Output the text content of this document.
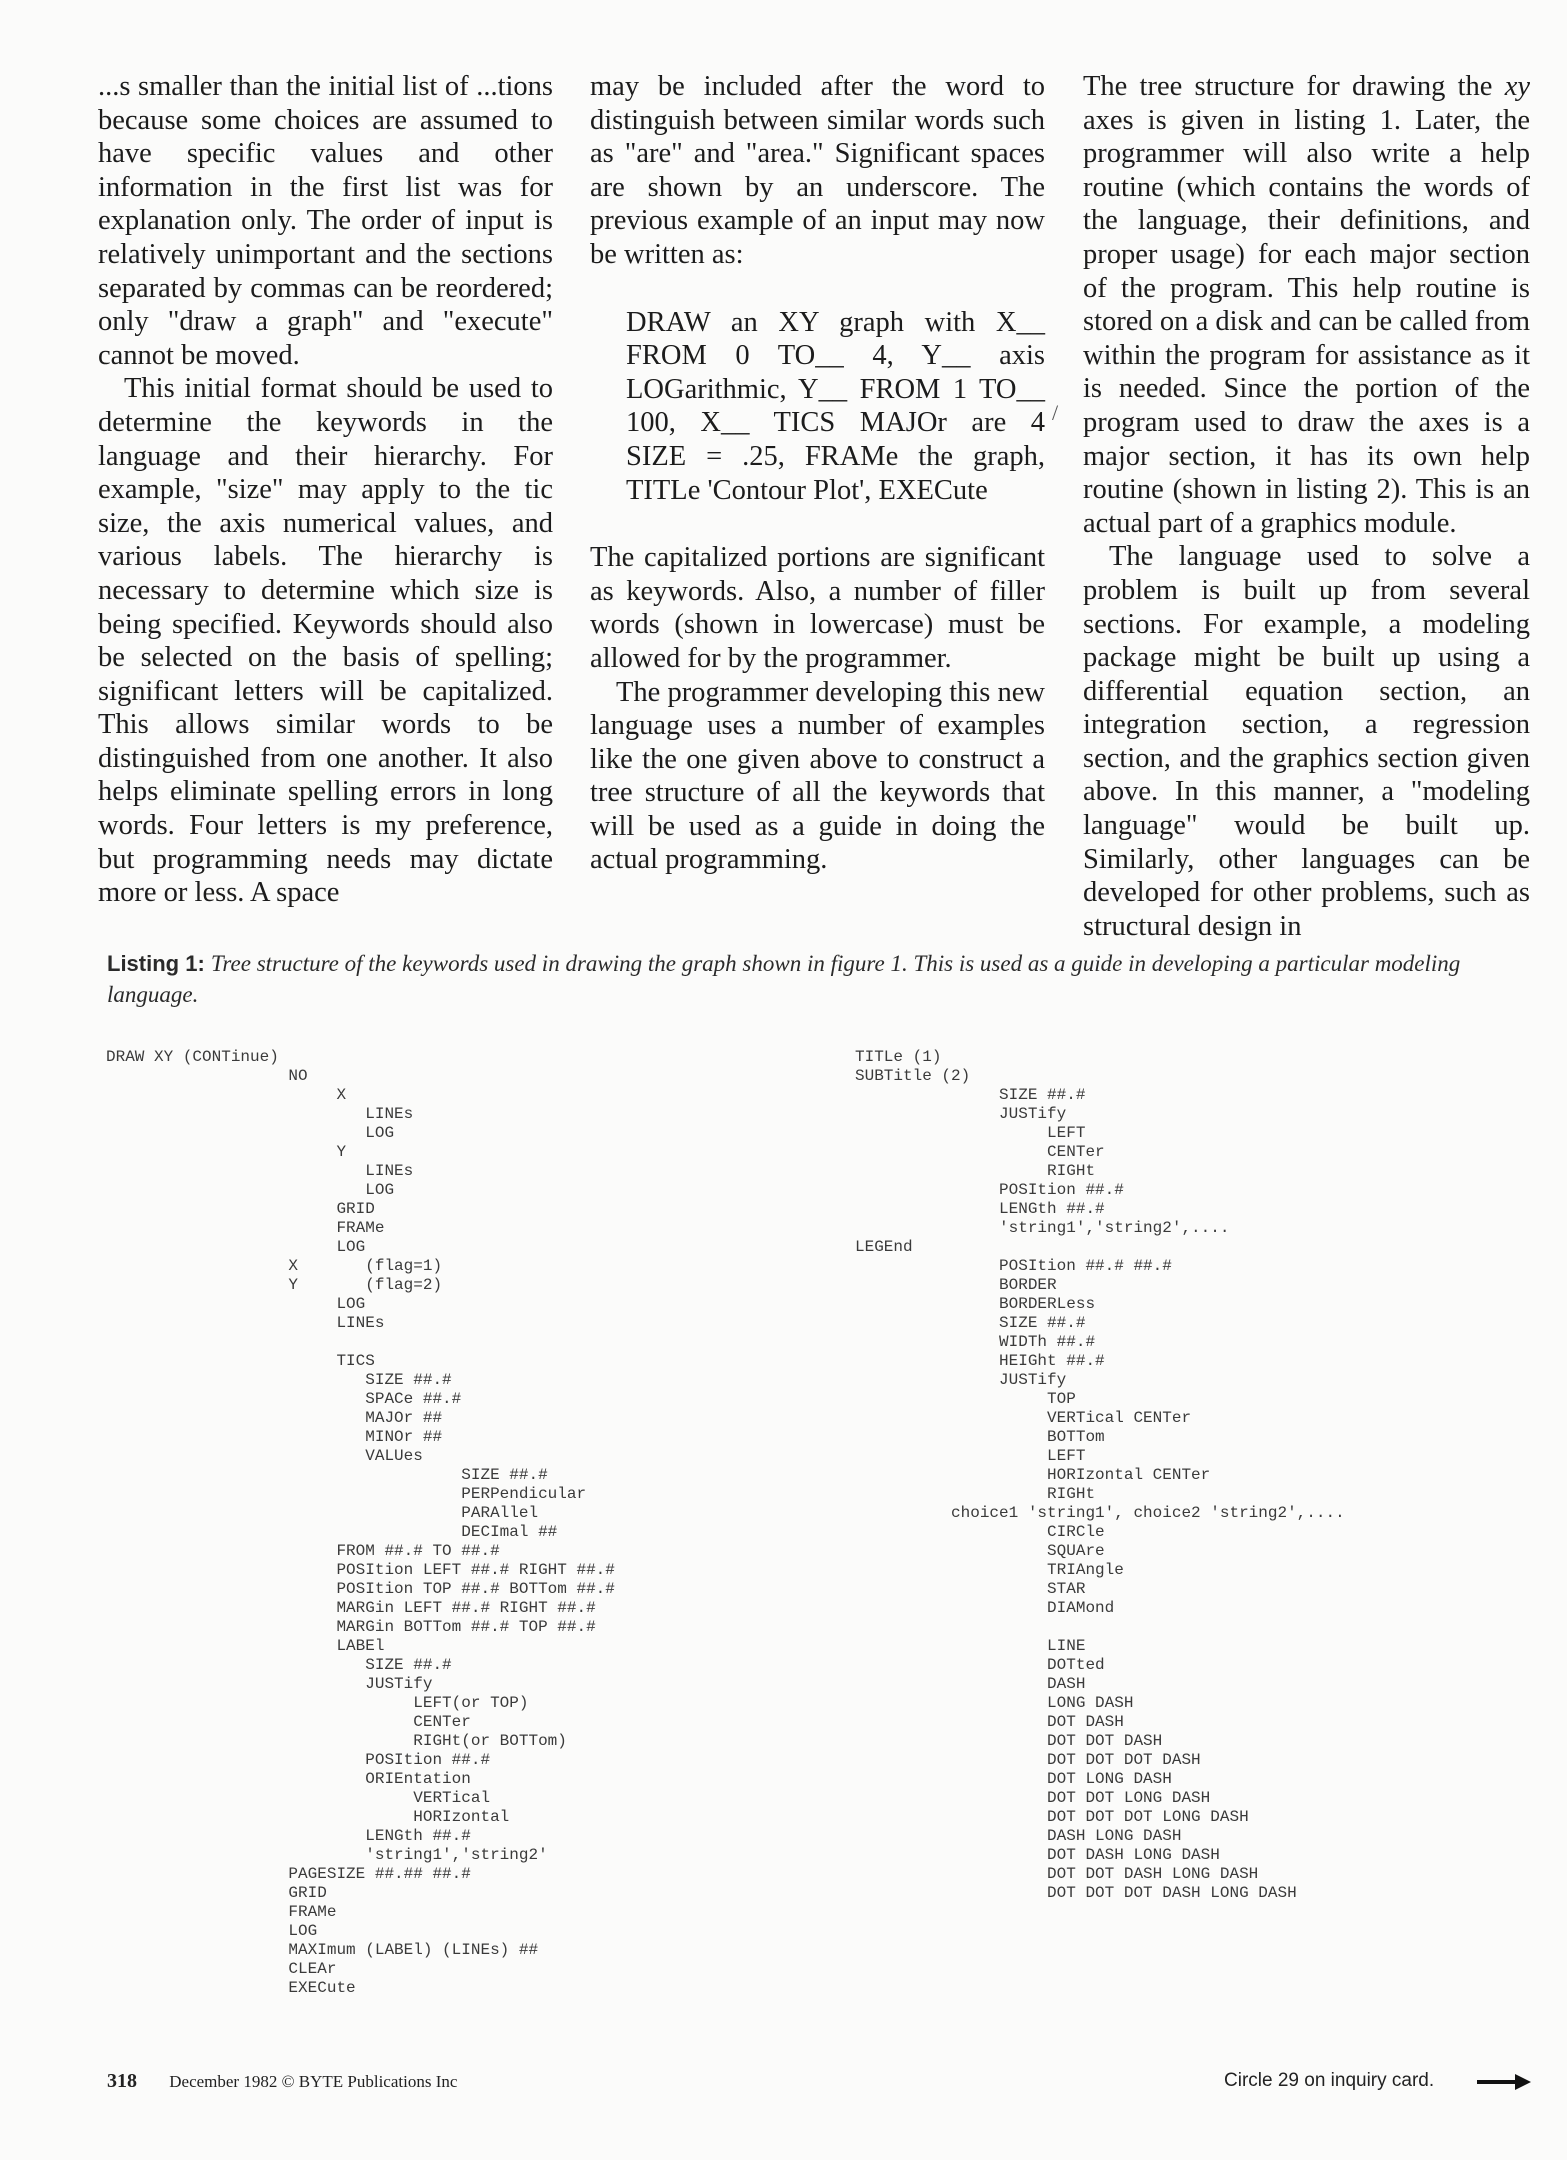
...s smaller than the initial list of ...tions because some choices are assumed to have specific values and other information in the first list was for explanation only. The order of input is relatively unimportant and the sections separated by commas can be reordered; only "draw a graph" and "execute" cannot be moved.

This initial format should be used to determine the keywords in the language and their hierarchy. For example, "size" may apply to the tic size, the axis numerical values, and various labels. The hierarchy is necessary to determine which size is being specified. Keywords should also be selected on the basis of spelling; significant letters will be capitalized. This allows similar words to be distinguished from one another. It also helps eliminate spelling errors in long words. Four letters is my preference, but programming needs may dictate more or less. A space

may be included after the word to distinguish between similar words such as "are" and "area." Significant spaces are shown by an underscore. The previous example of an input may now be written as:

DRAW an XY graph with X__
FROM 0 TO__ 4, Y__ axis
LOGarithmic, Y__ FROM 1 TO__
100, X__ TICS MAJOr are 4
SIZE = .25, FRAMe the graph,
TITLe 'Contour Plot', EXECute

The capitalized portions are significant as keywords. Also, a number of filler words (shown in lowercase) must be allowed for by the programmer.

The programmer developing this new language uses a number of examples like the one given above to construct a tree structure of all the keywords that will be used as a guide in doing the actual programming.

/

The tree structure for drawing the xy axes is given in listing 1. Later, the programmer will also write a help routine (which contains the words of the language, their definitions, and proper usage) for each major section of the program. This help routine is stored on a disk and can be called from within the program for assistance as it is needed. Since the portion of the program used to draw the axes is a major section, it has its own help routine (shown in listing 2). This is an actual part of a graphics module.

The language used to solve a problem is built up from several sections. For example, a modeling package might be built up using a differential equation section, an integration section, a regression section, and the graphics section given above. In this manner, a "modeling language" would be built up. Similarly, other languages can be developed for other problems, such as structural design in

Listing 1: Tree structure of the keywords used in drawing the graph shown in figure 1. This is used as a guide in developing a particular modeling language.
DRAW XY (CONTinue)
NO
X
LINEs
LOG
Y
LINEs
LOG
GRID
FRAMe
LOG
X       (flag=1)
Y       (flag=2)
LOG
LINEs

TICS
SIZE ##.#
SPACe ##.#
MAJOr ##
MINOr ##
VALUes
SIZE ##.#
PERPendicular
PARAllel
DECImal ##
FROM ##.# TO ##.#
POSItion LEFT ##.# RIGHT ##.#
POSItion TOP ##.# BOTTom ##.#
MARGin LEFT ##.# RIGHT ##.#
MARGin BOTTom ##.# TOP ##.#
LABEl
SIZE ##.#
JUSTify
LEFT(or TOP)
CENTer
RIGHt(or BOTTom)
POSItion ##.#
ORIEntation
VERTical
HORIzontal
LENGth ##.#
'string1','string2'
PAGESIZE ##.## ##.#
GRID
FRAMe
LOG
MAXImum (LABEl) (LINEs) ##
CLEAr
EXECute
TITLe (1)
SUBTitle (2)
SIZE ##.#
JUSTify
LEFT
CENTer
RIGHt
POSItion ##.#
LENGth ##.#
'string1','string2',....
LEGEnd
POSItion ##.# ##.#
BORDER
BORDERLess
SIZE ##.#
WIDTh ##.#
HEIGht ##.#
JUSTify
TOP
VERTical CENTer
BOTTom
LEFT
HORIzontal CENTer
RIGHt
choice1 'string1', choice2 'string2',....
CIRCle
SQUAre
TRIAngle
STAR
DIAMond

LINE
DOTted
DASH
LONG DASH
DOT DASH
DOT DOT DASH
DOT DOT DOT DASH
DOT LONG DASH
DOT DOT LONG DASH
DOT DOT DOT LONG DASH
DASH LONG DASH
DOT DASH LONG DASH
DOT DOT DASH LONG DASH
DOT DOT DOT DASH LONG DASH
318 December 1982 © BYTE Publications Inc	Circle 29 on inquiry card.
